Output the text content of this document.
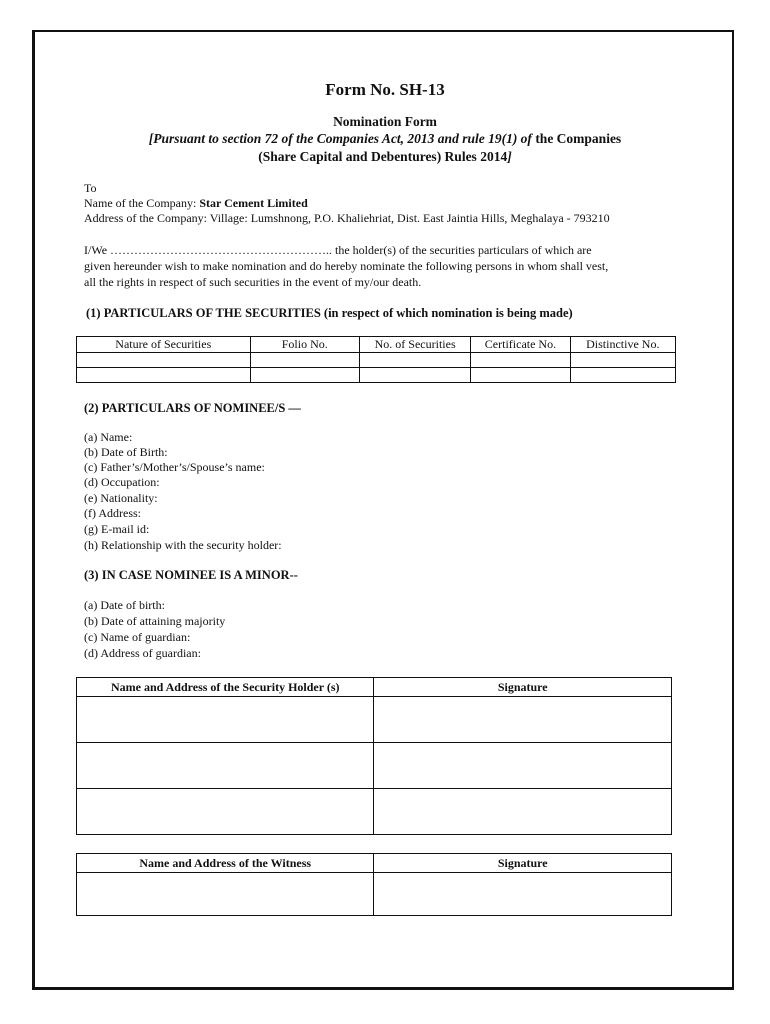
Form No. SH-13
Nomination Form
[Pursuant to section 72 of the Companies Act, 2013 and rule 19(1) of the Companies
(Share Capital and Debentures) Rules 2014]
To
Name of the Company: Star Cement Limited
Address of the Company: Village: Lumshnong, P.O. Khaliehriat, Dist. East Jaintia Hills, Meghalaya - 793210
I/We ……………………………………………….. the holder(s) of the securities particulars of which are
given hereunder wish to make nomination and do hereby nominate the following persons in whom shall vest,
all the rights in respect of such securities in the event of my/our death.
(1) PARTICULARS OF THE SECURITIES (in respect of which nomination is being made)
Nature of Securities	Folio No.	No. of Securities	Certificate No.	Distinctive No.

(2) PARTICULARS OF NOMINEE/S —
(a) Name:
(b) Date of Birth:
(c) Father’s/Mother’s/Spouse’s name:
(d) Occupation:
(e) Nationality:
(f) Address:
(g) E-mail id:
(h) Relationship with the security holder:
(3) IN CASE NOMINEE IS A MINOR--
(a) Date of birth:
(b) Date of attaining majority
(c) Name of guardian:
(d) Address of guardian:
Name and Address of the Security Holder (s)	Signature

Name and Address of the Witness	Signature
